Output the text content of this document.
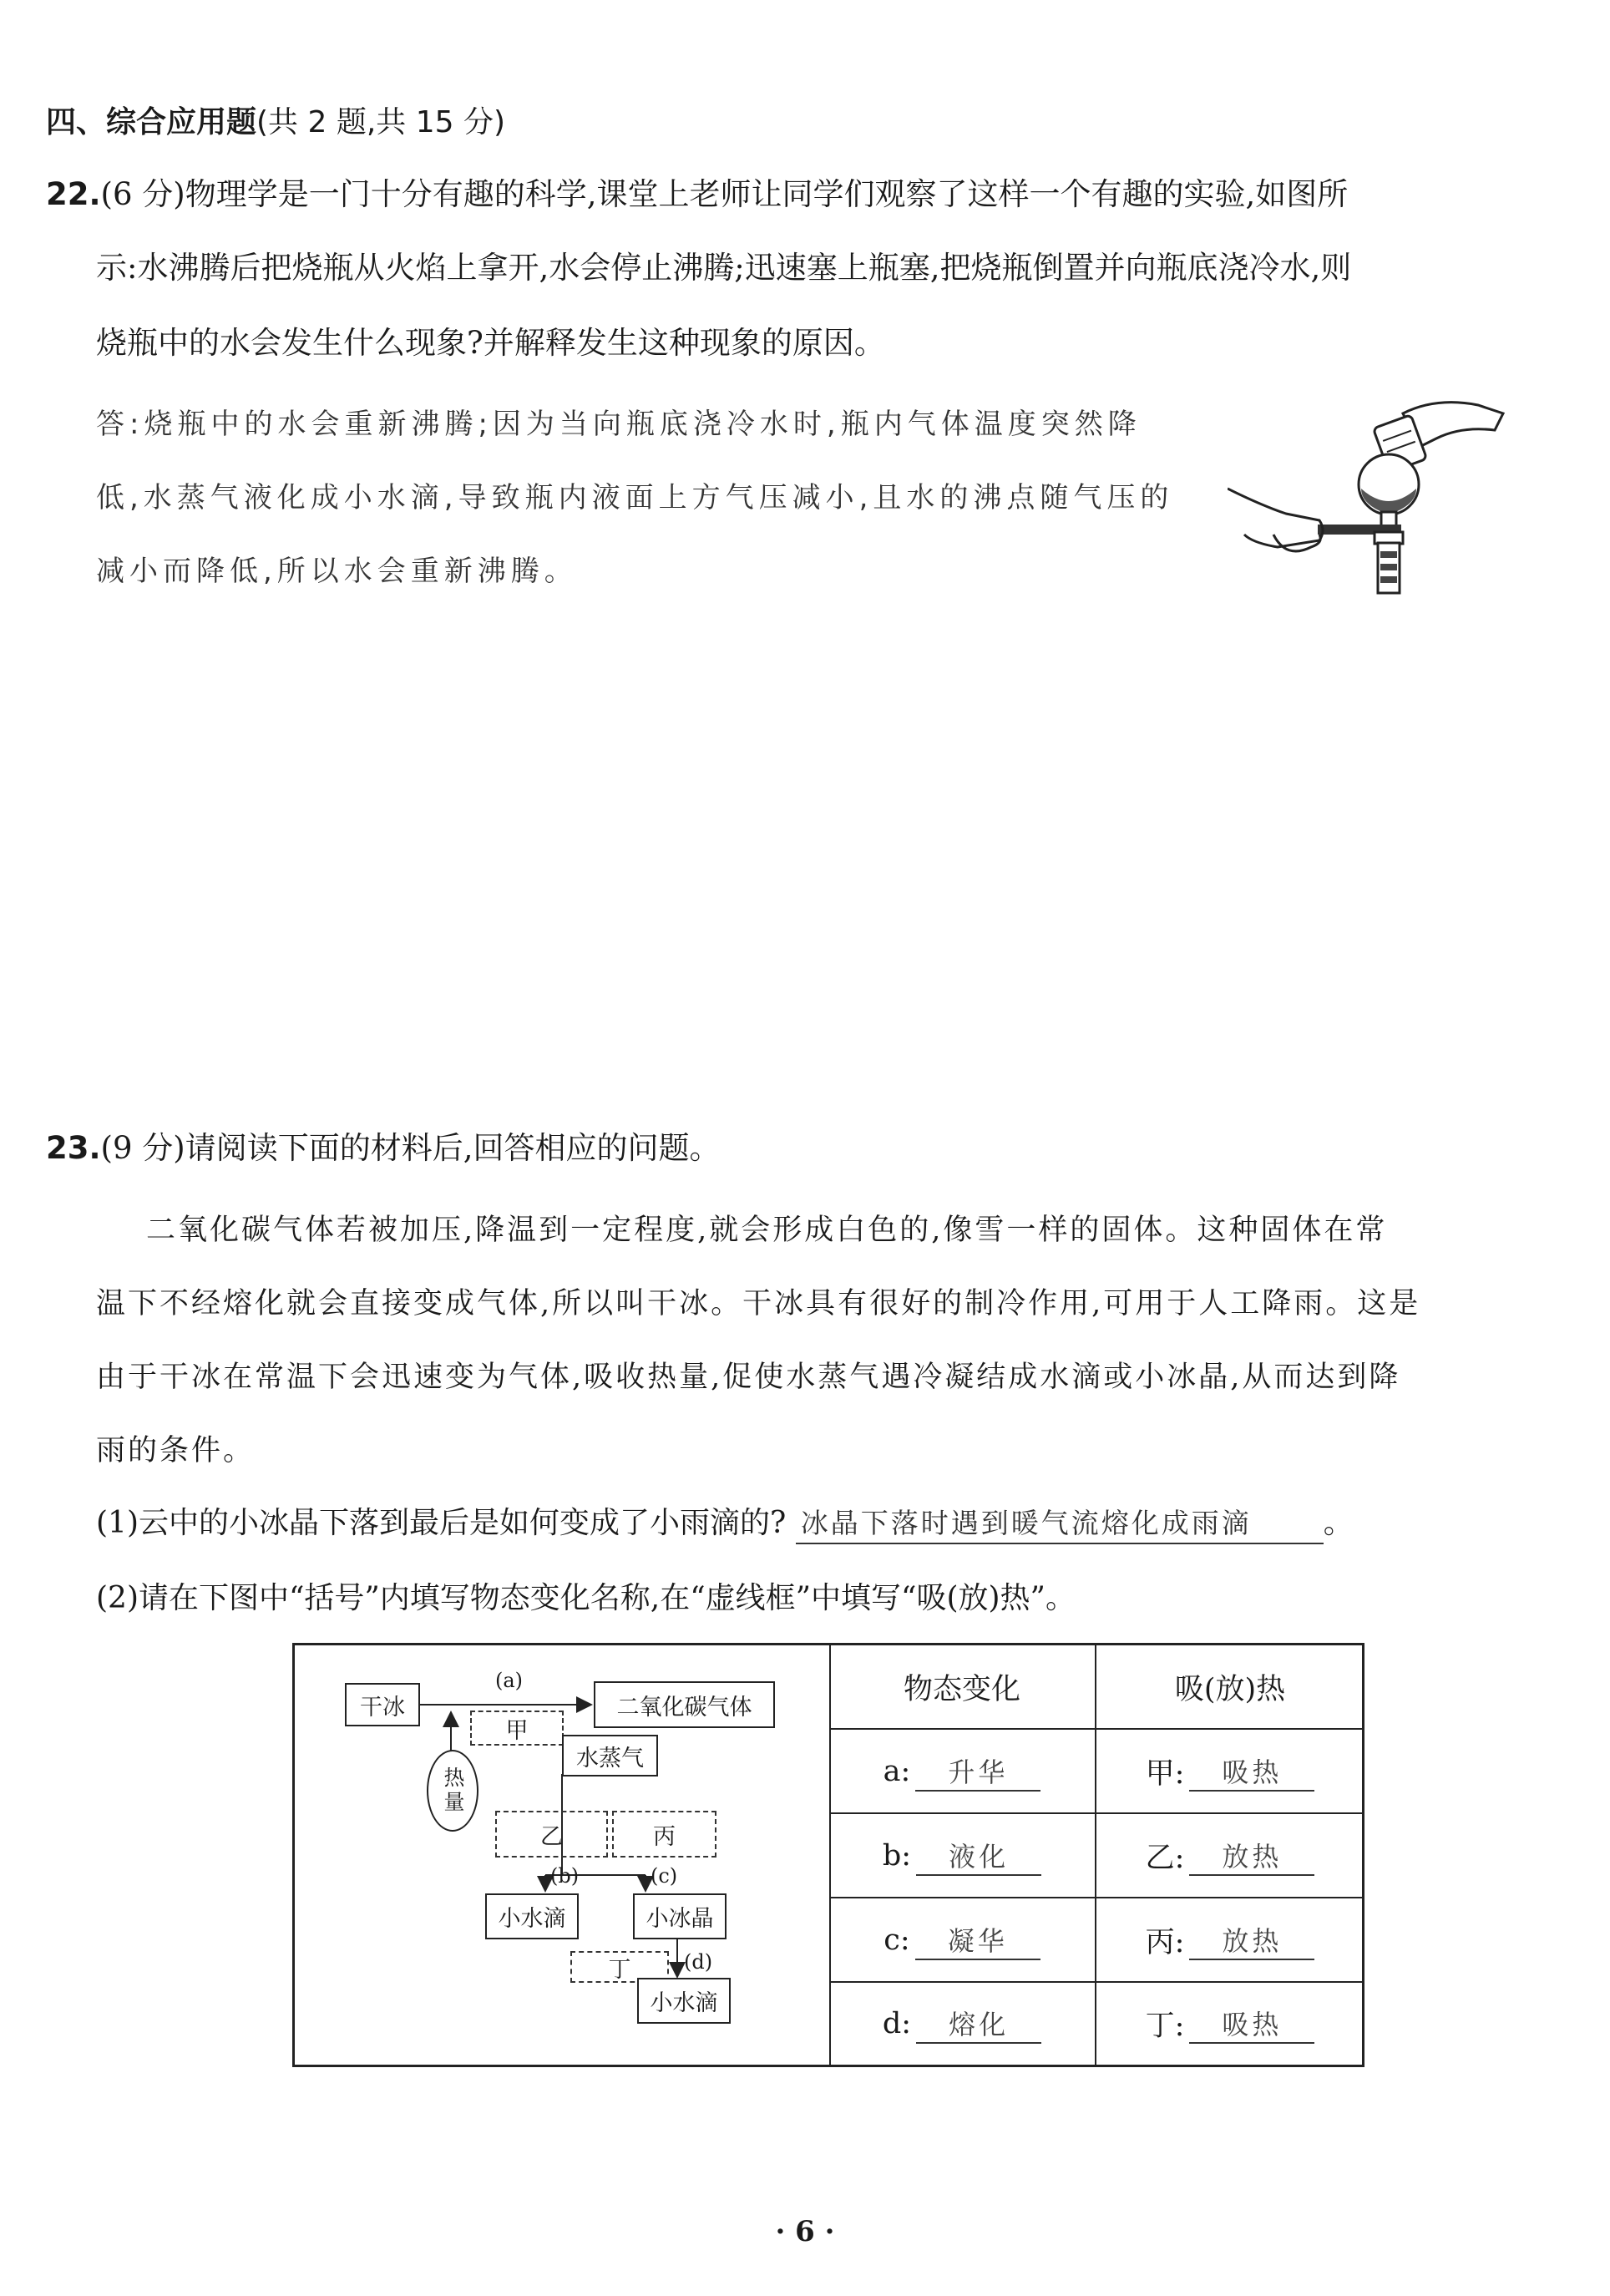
四、综合应用题(共 2 题,共 15 分)
22.(6 分)物理学是一门十分有趣的科学,课堂上老师让同学们观察了这样一个有趣的实验,如图所
示:水沸腾后把烧瓶从火焰上拿开,水会停止沸腾;迅速塞上瓶塞,把烧瓶倒置并向瓶底浇冷水,则
烧瓶中的水会发生什么现象?并解释发生这种现象的原因。
答:烧瓶中的水会重新沸腾;因为当向瓶底浇冷水时,瓶内气体温度突然降
低,水蒸气液化成小水滴,导致瓶内液面上方气压减小,且水的沸点随气压的
减小而降低,所以水会重新沸腾。
23.(9 分)请阅读下面的材料后,回答相应的问题。
二氧化碳气体若被加压,降温到一定程度,就会形成白色的,像雪一样的固体。这种固体在常
温下不经熔化就会直接变成气体,所以叫干冰。干冰具有很好的制冷作用,可用于人工降雨。这是
由于干冰在常温下会迅速变为气体,吸收热量,促使水蒸气遇冷凝结成水滴或小冰晶,从而达到降
雨的条件。
(1)云中的小冰晶下落到最后是如何变成了小雨滴的? 冰晶下落时遇到暖气流熔化成雨滴 。
(2)请在下图中“括号”内填写物态变化名称,在“虚线框”中填写“吸(放)热”。
干冰
(a)
甲
二氧化碳气体
热量
水蒸气
乙	丙
(b)	(c)
小水滴	小冰晶
丁	(d)
小水滴
物态变化	吸(放)热
a:	升华	甲:	吸热
b:	液化	乙:	放热
c:	凝华	丙:	放热
d:	熔化	丁:	吸热
· 6 ·
